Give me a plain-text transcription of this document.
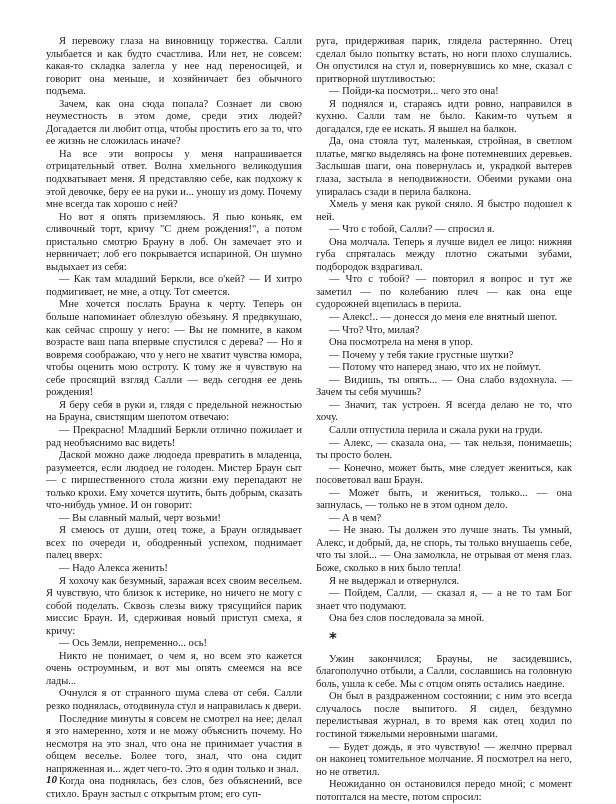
Я перевожу глаза на виновницу торжества. Салли улыбается и как будто счастлива. Или нет, не совсем: какая-то складка залегла у нее над переносицей, и говорит она меньше, и хозяйничает без обычного подъема.

Зачем, как она сюда попала? Сознает ли свою неуместность в этом доме, среди этих людей? Догадается ли любит отца, чтобы простить его за то, что ее жизнь не сложилась иначе?

На все эти вопросы у меня напрашивается отрицательный ответ. Волна хмельного великодушия подхватывает меня. Я представляю себе, как подхожу к этой девочке, беру ее на руки и... уношу из дому. Почему мне всегда так хорошо с ней?

Но вот я опять приземляюсь. Я пью коньяк, ем сливочный торт, кричу "С днем рождения!", а потом пристально смотрю Брауну в лоб. Он замечает это и нервничает; лоб его покрывается испариной. Он шумно выдыхает из себя:

— Как там младший Беркли, все о'кей? — И хитро подмигивает, не мне, а отцу. Тот смеется.

Мне хочется послать Брауна к черту. Теперь он больше напоминает облезлую обезьяну. Я предвкушаю, как сейчас спрошу у него: — Вы не помните, в каком возрасте ваш папа впервые спустился с дерева? — Но я вовремя соображаю, что у него не хватит чувства юмора, чтобы оценить мою остроту. К тому же я чувствую на себе просящий взгляд Салли — ведь сегодня ее день рождения!

Я беру себя в руки и, глядя с предельной нежностью на Брауна, свистящим шепотом отвечаю:

— Прекрасно! Младший Беркли отлично пожилает и рад необъяснимо вас видеть!

Даской можно даже людоеда превратить в младенца, разумеется, если людоед не голоден. Мистер Браун сыт — с пиршественного стола жизни ему перепадают не только крохи. Ему хочется шутить, быть добрым, сказать что-нибудь умное. И он говорит:

— Вы славный малый, черт возьми!

Я смеюсь от души, отец тоже, а Браун оглядывает всех по очереди и, ободренный успехом, поднимает палец вверх:

— Надо Алекса женить!

Я хохочу как безумный, заражая всех своим весельем. Я чувствую, что близок к истерике, но ничего не могу с собой поделать. Сквозь слезы вижу трясущийся парик миссис Браун. И, сдерживая новый приступ смеха, я кричу:

— Ось Земли, непременно... ось!

Никто не понимает, о чем я, но всем это кажется очень остроумным, и вот мы опять смеемся на все лады...

Очнулся я от странного шума слева от себя. Салли резко поднялась, отодвинула стул и направилась к двери.

Последние минуты я совсем не смотрел на нее; делал я это намеренно, хотя и не можу объяснить почему. Но несмотря на это знал, что она не принимает участия в общем веселье. Более того, знал, что она сидит напряженная и... ждет чего-то. Это я один только и знал.

Когда она поднялась, без слов, без объяснений, все стихло. Браун застыл с открытым ртом; его суп-

руга, придерживая парик, глядела растерянно. Отец сделал было попытку встать, но ноги плохо слушались. Он опустился на стул и, повернувшись ко мне, сказал с притворной шутливостью:

— Пойди-ка посмотри... чего это она!

Я поднялся и, стараясь идти ровно, направился в кухню. Салли там не было. Каким-то чутьем я догадался, где ее искать. Я вышел на балкон.

Да, она стояла тут, маленькая, стройная, в светлом платье, мягко выделяясь на фоне потемневших деревьев. Заслышав шаги, она повернулась и, украдкой вытерев глаза, застыла в неподвижности. Обеими руками она упиралась сзади в перила балкона.

Хмель у меня как рукой сняло. Я быстро подошел к ней.

— Что с тобой, Салли? — спросил я.

Она молчала. Теперь я лучше видел ее лицо: нижняя губа спряталась между плотно сжатыми зубами, подбородок вздрагивал.

— Что с тобой? — повторил я вопрос и тут же заметил — по колебанию плеч — как она еще судорожней вцепилась в перила.

— Алекс!.. — донесся до меня еле внятный шепот.

— Что? Что, милая?

Она посмотрела на меня в упор.

— Почему у тебя такие грустные шутки?

— Потому что наперед знаю, что их не поймут.

— Видишь, ты опять... — Она слабо вздохнула. — Зачем ты себя мучишь?

— Значит, так устроен. Я всегда делаю не то, что хочу.

Салли отпустила перила и сжала руки на груди.

— Алекс, — сказала она, — так нельзя, понимаешь; ты просто болен.

— Конечно, может быть, мне следует жениться, как посоветовал ваш Браун.

— Может быть, и жениться, только... — она запнулась, — только не в этом одном дело.

— А в чем?

— Не знаю. Ты должен это лучше знать. Ты умный, Алекс, и добрый, да, не спорь, ты только внушаешь себе, что ты злой... — Она замолкла, не отрывая от меня глаз. Боже, сколько в них было тепла!

Я не выдержал и отвернулся.

— Пойдем, Салли, — сказал я, — а не то там Бог знает что подумают.

Она без слов последовала за мной.

*

Ужин закончился; Брауны, не засидевшись, благополучно отбыли, а Салли, сославшись на головную боль, ушла к себе. Мы с отцом опять остались наедине.

Он был в раздраженном состоянии; с ним это всегда случалось после выпитого. Я сидел, бездумно перелистывая журнал, в то время как отец ходил по гостиной тяжелыми неровными шагами.

— Будет дождь, я это чувствую! — желчно прервал он наконец томительное молчание. Я посмотрел на него, но не ответил.

Неожиданно он остановился передо мной; с момент потоптался на месте, потом спросил:

10
